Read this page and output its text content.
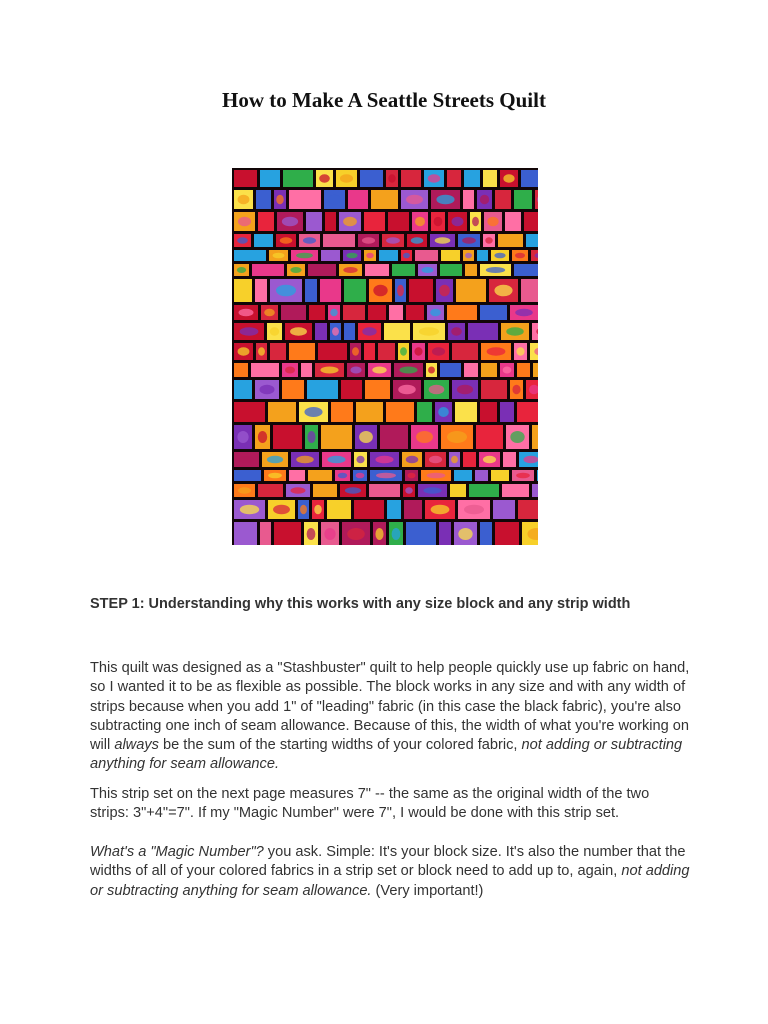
How to Make A Seattle Streets Quilt

STEP 1: Understanding why this works with any size block and any strip width

This quilt was designed as a "Stashbuster" quilt to help people quickly use up fabric on hand, so I wanted it to be as flexible as possible. The block works in any size and with any width of strips because when you add 1" of "leading" fabric (in this case the black fabric), you're also subtracting one inch of seam allowance. Because of this, the width of what you're working on will always be the sum of the starting widths of your colored fabric, not adding or subtracting anything for seam allowance.

This strip set on the next page measures 7" -- the same as the original width of the two strips: 3"+4"=7". If my "Magic Number" were 7", I would be done with this strip set.

What's a "Magic Number"? you ask. Simple: It's your block size. It's also the number that the widths of all of your colored fabrics in a strip set or block need to add up to, again, not adding or subtracting anything for seam allowance. (Very important!)
